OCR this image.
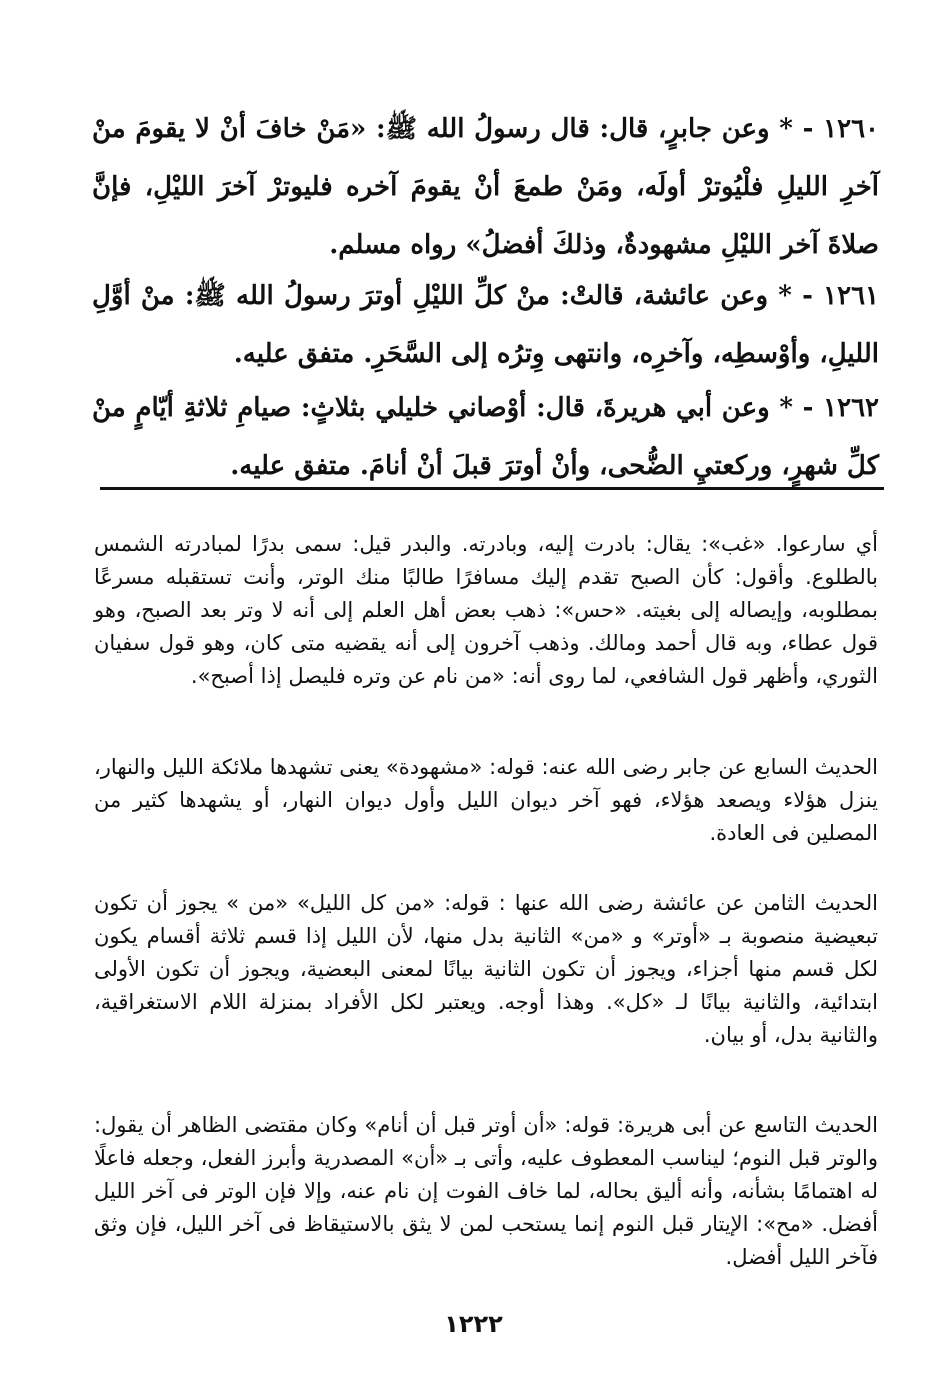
١٢٦٠ - * وعن جابرٍ، قال: قال رسولُ الله ﷺ: «مَنْ خافَ أنْ لا يقومَ منْ آخرِ الليلِ فلْيُوترْ أولَه، ومَنْ طمعَ أنْ يقومَ آخره فليوترْ آخرَ الليْلِ، فإنَّ صلاةَ آخر الليْلِ مشهودةٌ، وذلكَ أفضلُ» رواه مسلم.

١٢٦١ - * وعن عائشة، قالتْ: منْ كلِّ الليْلِ أوترَ رسولُ الله ﷺ: منْ أوَّلِ الليلِ، وأوْسطِه، وآخرِه، وانتهى وِترُه إلى السَّحَرِ. متفق عليه.

١٢٦٢ - * وعن أبي هريرةَ، قال: أوْصاني خليلي بثلاثٍ: صيامِ ثلاثةِ أيّامٍ منْ كلِّ شهرٍ، وركعتيِ الضُّحى، وأنْ أوترَ قبلَ أنْ أنامَ. متفق عليه.

أي سارعوا. «غب»: يقال: بادرت إليه، وبادرته. والبدر قيل: سمى بدرًا لمبادرته الشمس بالطلوع. وأقول: كأن الصبح تقدم إليك مسافرًا طالبًا منك الوتر، وأنت تستقبله مسرعًا بمطلوبه، وإيصاله إلى بغيته. «حس»: ذهب بعض أهل العلم إلى أنه لا وتر بعد الصبح، وهو قول عطاء، وبه قال أحمد ومالك. وذهب آخرون إلى أنه يقضيه متى كان، وهو قول سفيان الثوري، وأظهر قول الشافعي، لما روى أنه: «من نام عن وتره فليصل إذا أصبح».

الحديث السابع عن جابر رضى الله عنه: قوله: «مشهودة» يعنى تشهدها ملائكة الليل والنهار، ينزل هؤلاء ويصعد هؤلاء، فهو آخر ديوان الليل وأول ديوان النهار، أو يشهدها كثير من المصلين فى العادة.

الحديث الثامن عن عائشة رضى الله عنها : قوله: «من كل الليل» «من » يجوز أن تكون تبعيضية منصوبة بـ «أوتر» و «من» الثانية بدل منها، لأن الليل إذا قسم ثلاثة أقسام يكون لكل قسم منها أجزاء، ويجوز أن تكون الثانية بيانًا لمعنى البعضية، ويجوز أن تكون الأولى ابتدائية، والثانية بيانًا لـ «كل». وهذا أوجه. ويعتبر لكل الأفراد بمنزلة اللام الاستغراقية، والثانية بدل، أو بيان.

الحديث التاسع عن أبى هريرة: قوله: «أن أوتر قبل أن أنام» وكان مقتضى الظاهر أن يقول: والوتر قبل النوم؛ ليناسب المعطوف عليه، وأتى بـ «أن» المصدرية وأبرز الفعل، وجعله فاعلًا له اهتمامًا بشأنه، وأنه أليق بحاله، لما خاف الفوت إن نام عنه، وإلا فإن الوتر فى آخر الليل أفضل. «مح»: الإيتار قبل النوم إنما يستحب لمن لا يثق بالاستيقاظ فى آخر الليل، فإن وثق فآخر الليل أفضل.

١٢٢٢
